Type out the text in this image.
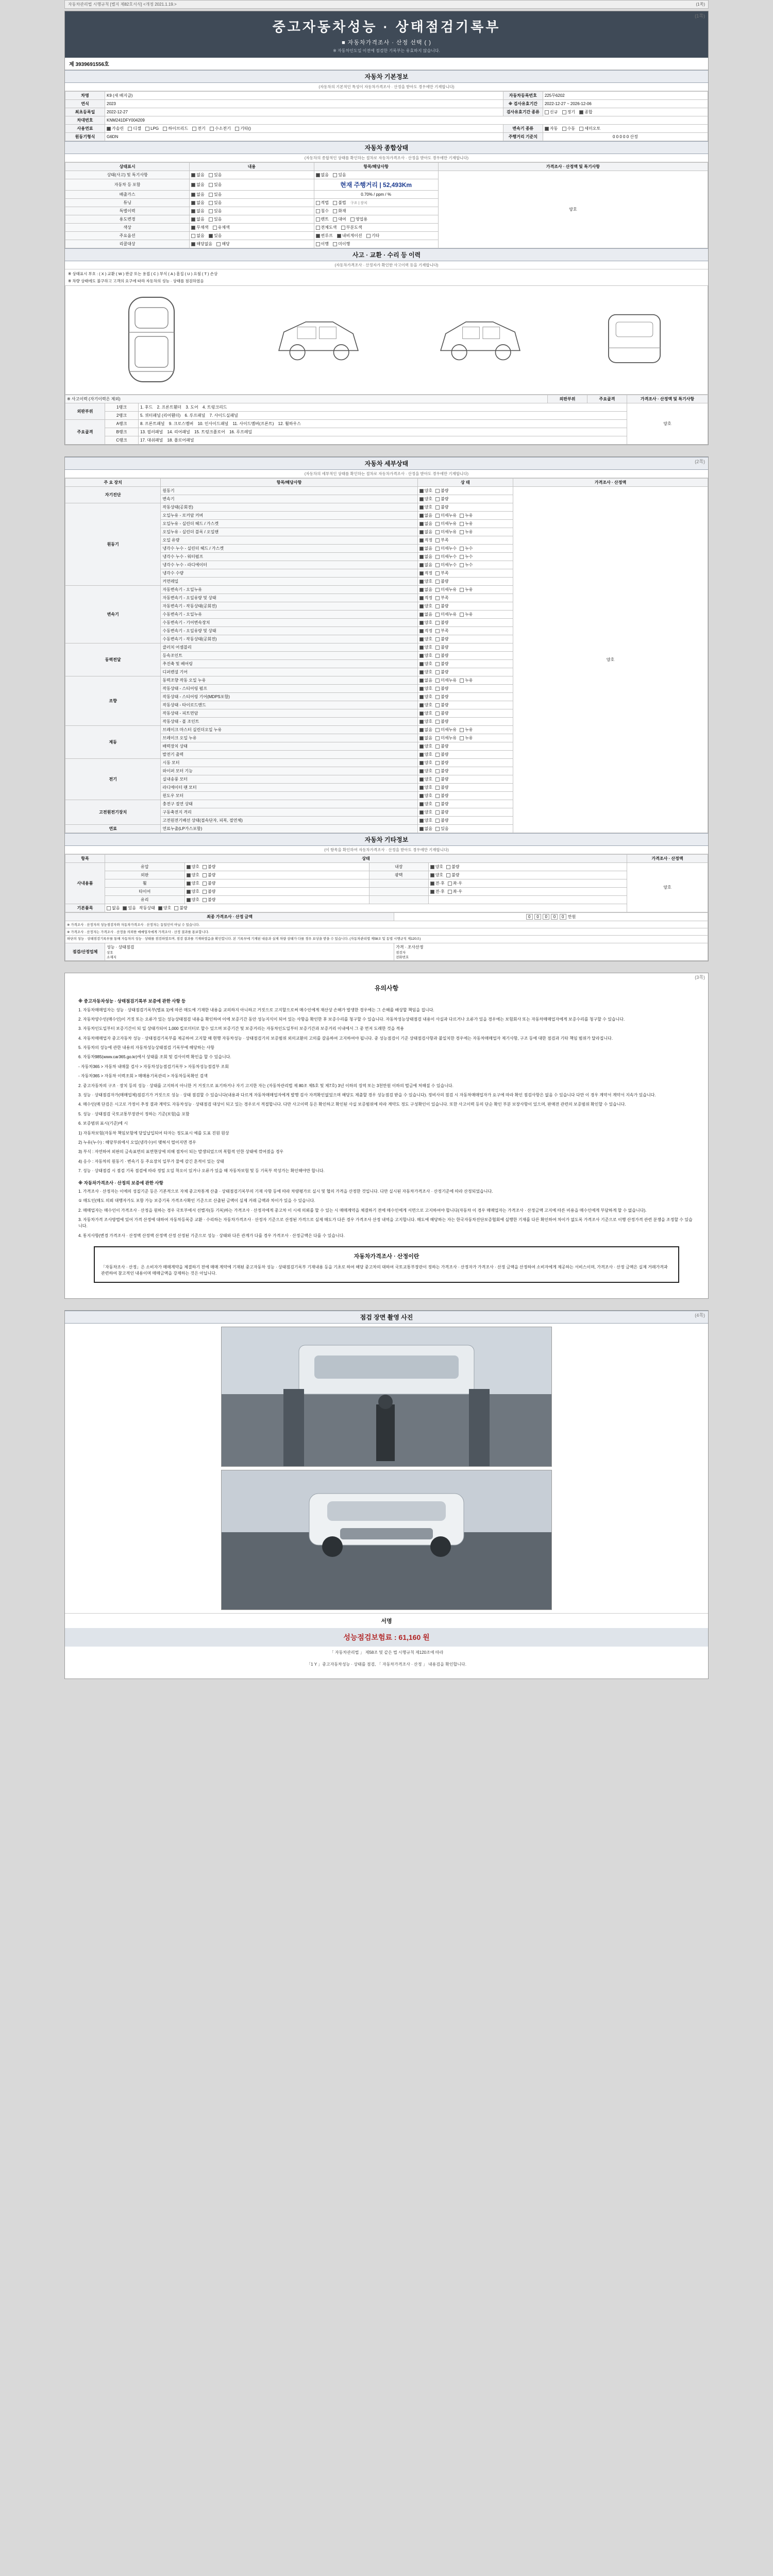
자동차관리법 시행규칙 [별지 제82호서식] <개정 2021.1.19.>	(1쪽)
중고자동차성능 · 상태점검기록부
■ 자동차가격조사 · 산정 선택 ( )
※ 자동차인도일 이전에 점검한 기록부는 유효하지 않습니다.
제 3939691556호
자동차 기본정보
(자동차의 기본적인 특성이 자동차가격조사 · 산정을 받아도 경우에만 기재합니다)
차명	K9 (새 배지급)	자동차등록번호	225무6202
연식	2023	※ 검사유효기간	2022-12-27 ~ 2026-12-06
최초등록일	2022-12-27	검사유효기간 종류	신규 정기 종합
차대번호	KNM241DFY004209		
사용연료	가솔린 디젤 LPG 하이브리드 전기 수소전기 기타()	변속기 종류	자동 수동 세미오토
원동기형식	G6DN	주행거리 기준치	0 0 0 0 0 산정
자동차 종합상태
(자동차의 종합적인 상태를 확인하는 절차로 자동차가격조사 · 산정을 받아도 경우에만 기재합니다)
상태표시	내용	항목/해당사항	가격조사 · 산정액 및 특기사항
상태(사고) 및 특기사항	없음 있음	없음 있음	양호
자동차 등 포함	없음 있음	현재 주행거리 | 52,493Km	
배출가스	없음 있음	0.70% / ppm / %	
튜닝	없음 있음	적법 불법 구조 | 장치	
특별이력	없음 있음	침수 화재	
용도변경	없음 있음	렌트 대여 영업용	
색상	무채색 유채색	전체도색 부분도색	
주요옵션	없음 있음	썬루프 내비게이션 기타	
리콜대상	해당없음 해당	이행 미이행	
사고 · 교환 · 수리 등 이력
(자동차가격조사 · 산정자가 확인한 사고이력 등을 기재합니다)
※ 상태표시 부호 : ( X ) 교환 ( W ) 판금 또는 용접 ( C ) 부식 ( A ) 흠집 ( U ) 요철 ( T ) 손상
※ 차량 상태에도 불구하고 고객의 요구에 따라 자동차의 성능 · 상태를 점검하였음
※ 사고이력 (자기이력은 제외)			외판부위	주요골격	가격조사 · 산정액 및 특기사항
외판부위	1랭크	1. 후드 2. 프론트휀더 3. 도어 4. 트렁크리드			양호
	2랭크	5. 쿼터패널 (리어휀더) 6. 루프패널 7. 사이드실패널			
주요골격	A랭크	8. 프론트패널 9. 크로스멤버 10. 인사이드패널 11. 사이드멤버(프론트) 12. 휠하우스			
	B랭크	13. 필러패널 14. 리어패널 15. 트렁크플로어 16. 루프레일			
	C랭크	17. 대쉬패널 18. 플로어패널			
(1쪽)
자동차 세부상태
(자동차의 세부적인 상태를 확인하는 절차로 자동차가격조사 · 산정을 받아도 경우에만 기재합니다)
주 요 장치	항목/해당사항	상 태	가격조사 · 산정액
자기진단	원동기	양호 불량	양호
	변속기	양호 불량	
원동기	작동상태(공회전)	양호 불량	
	오일누유 - 로커암 커버	없음 미세누유 누유	
	오일누유 - 실린더 헤드 / 가스켓	없음 미세누유 누유	
	오일누유 - 실린더 블록 / 오일팬	없음 미세누유 누유	
	오일 유량	적정 부족	
	냉각수 누수 - 실린더 헤드 / 가스켓	없음 미세누수 누수	
	냉각수 누수 - 워터펌프	없음 미세누수 누수	
	냉각수 누수 - 라디에이터	없음 미세누수 누수	
	냉각수 수량	적정 부족	
	커먼레일	양호 불량	
변속기	자동변속기 - 오일누유	없음 미세누유 누유	
	자동변속기 - 오일유량 및 상태	적정 부족	
	자동변속기 - 작동상태(공회전)	양호 불량	
	수동변속기 - 오일누유	없음 미세누유 누유	
	수동변속기 - 기어변속장치	양호 불량	
	수동변속기 - 오일유량 및 상태	적정 부족	
	수동변속기 - 작동상태(공회전)	양호 불량	
동력전달	클러치 어셈블리	양호 불량	
	등속조인트	양호 불량	
	추진축 및 베어링	양호 불량	
	디퍼렌셜 기어	양호 불량	
조향	동력조향 작동 오일 누유	없음 미세누유 누유	
	작동상태 - 스티어링 펌프	양호 불량	
	작동상태 - 스티어링 기어(MDPS포함)	양호 불량	
	작동상태 - 타이로드엔드	양호 불량	
	작동상태 - 피트먼암	양호 불량	
	작동상태 - 볼 조인트	양호 불량	
제동	브레이크 마스터 실린더오일 누유	없음 미세누유 누유	
	브레이크 오일 누유	없음 미세누유 누유	
	배력장치 상태	양호 불량	
	발전기 출력	양호 불량	
전기	시동 모터	양호 불량	
	와이퍼 모터 기능	양호 불량	
	실내송풍 모터	양호 불량	
	라디에이터 팬 모터	양호 불량	
	윈도우 모터	양호 불량	
고전원전기장치	충전구 절연 상태	양호 불량	
	구동축전지 격리	양호 불량	
	고전원전기배선 상태(접속단자, 피복, 절연체)	양호 불량	
연료	연료누출(LP가스포함)	없음 있음	
자동차 기타정보
(이 항목을 확인하여 자동차가격조사 · 산정을 받아도 경우에만 기재합니다)
항목	상태				가격조사 · 산정액
사내용품	유압	양호 불량	내장	양호 불량	양호
	외판	양호 불량	광택	양호 불량	
	휠	양호 불량		전·후 좌·우	
	타이어	양호 불량		전·후 좌·우	
	유리	양호 불량			
기본품목	없음 있음 작동상태 양호 불량				
최종 가격조사 · 산정 금액		0 0 0 0 0 만원
※ 가격조사 · 산정자의 성능점검자와 자동차가격조사 · 산정자는 동일인이 아닐 수 있습니다.		
※ 가격조사 · 산정자는 가격조사 · 산정을 의뢰한 매매업자에게 가격조사 · 산정 결과를 통보합니다.		
하단의 성능 · 상태점검기록부를 통해 자동차의 성능 · 상태를 점검하였으며, 점검 결과를 기재하였음을 확인합니다. 본 기록부에 기재된 내용과 실제 차량 상태가 다를 경우 보상을 받을 수 있습니다. (자동차관리법 제58조 및 동법 시행규칙 제120조)		
점검/산정업체	
성능 · 상태점검
상호
소재지

가격 · 조사산정
점검자
전화번호
(2쪽)
유의사항
※ 중고자동차성능 · 상태점검기록부 보증에 관한 사항 등

1. 자동차매매업자는 성능 · 상태점검기록부(별표 1)에 따른 매도에 기재한 내용을 교의하지 아니하고 거짓으로 고지할으로써 매수인에게 재산상 손해가 발생한 경우에는 그 손해를 배상할 책임을 집니다.

2. 자동차양수인(매수인)이 거짓 또는 오류가 있는 성능상태점검 내용을 확인하여 이에 보증기간 동안 성능지식이 되어 있는 사항을 확인한 후 보증수리를 청구할 수 있습니다. 자동차성능상태점검 내용이 사실과 다르거나 오류가 있을 경우에는 보험회사 또는 자동차매매업자에게 보증수리를 청구할 수 있습니다.

3. 자동차인도일부터 보증기간이 되 일 상태가되어 1,000 킬로미터로 할수 있으며 보증기간 및 보증거리는 자동차인도일부터 보증기간과 보증거리 이내에서 그 중 먼저 도래한 것을 적용

4. 자동차매매업자 중고자동차 성능 · 상태점검기록부를 제공하여 고지할 때 현행 자동차성능 · 상태점검기의 보증범위 외의교환의 고의를 갈음하여 고지하여야 됩니다. 중 성능점검이 기준 상태점검사항과 불일치한 경우에는 자동차매매업자 제기사항, 구조 등에 대한 점검과 기타 책임 범위가 달라집니다.

5. 자동차의 성능에 관한 내용의 자동차성능상태점검 기록부에 해당하는 사항

6. 자동차985(www.car365.go.kr)에서 상태를 조회 및 검사이력 확인을 할 수 있습니다.

- 자동차365 > 자동차 내매물 검사 > 자동차성능점검기록부 > 자동차성능점검부 조회

- 자동차365 > 자동차 이력조회 > 매매용기록관리 > 자동차등록확인 검색

2. 중고자동차의 구조 · 장치 등의 성능 · 상태를 고지하지 아니한 거 거짓으로 표기하거나 자기 고지한 자는 (자동차관리법 제 80조 제5호 및 제7호) 3년 이하의 징역 또는 3천만원 이하의 벌금에 처해질 수 있습니다.

3. 성능 · 상태점검자가(매매업체)점검기가 거짓으로 성능 · 상태 점검할 수 있습니다(내용과 다르게 자동차매매업자에게 발행 검사 자격확인없었으며 해당도 제출할 경우 성능점검 받을 수 있습니다). 정비사의 점검 시 자동차매매업자가 요구에 따라 확인 점검사항은 없음 수 있습니다 다만 이 경우 계약서 계약서 지속가 있습니다.

4. 매수인(매 단검은 시고로 가정이 추정 결과 계약도 자동차성능 · 상태점검 대상이 되고 있는 경우로서 적절합니다. 다만 사고이력 등은 확인하고 확인된 사실 보증범위에 따라 계약도 정도 구성확인이 있습니다. 또한 사고이력 등의 단순 확인 부분 보장사항이 있으며, 판매전 관련의 보증범위 확인할 수 있습니다.

5. 성능 · 상태점검 국토교통부장관이 정하는 기준(보험)을 포함

6. 보증범위 표시(기준)에 시

1) 자동차보험(자동차 책임보험에 당일납입되어 타자는 정도표시 예를 도표 진원 원상

2) 누유(누수) : 해당부위에서 오일(냉각수)이 맺혀서 떨어지면 경우

3) 부식 : 자연하여 외판의 금속표면의 표면현상에 의해 점차이 되는 발생되었으며 복합적 인한 상태에 깎여졌을 경우

4) 응수 : 자동차의 원동기 · 변속기 등 주요장치 일부가 물에 감긴 흔적이 있는 상태

7. 성능 · 상태점검 시 점검 기록 점검에 따라 정밀 오일 착오이 있거나 오류가 있을 때 자동차보험 및 등 기록부 작성가는 확인해야만 합니다.

※ 자동차가격조사 · 산정의 보증에 관한 사항

1. 가격조사 · 산정자는 이에의 성질기준 등은 기본적으로 자체 중고차통계 산출 · 상태점검기록부의 기재 사항 등에 따라 차량평가로 실시 및 협의 가격을 산정한 것입니다. 다만 실시된 자동차가격조사 · 산정기준에 따라 산정되었습니다.

① 매도인(매도 의뢰 대행자가도 포함 가능 보증기록 가격조사확인 기준으로 산출된 금액이 실제 거래 금액과 차이가 있을 수 있습니다.

2. 매매업자는 매수인이 가격조사 · 산정을 원하는 경우 국토부에서 선별자(등 기록)하는 가격조사 · 산정자에게 중고차 이 시세 의뢰를 할 수 있는 시 매매계약을 체결하기 전에 매수인에게 서면으로 고지하여야 합니다(자동차 이 경우 매매업자는 가격조사 · 산정금액 고지에 따른 비용을 매수인에게 부담하게 할 수 없습니다).

3. 자동차가격 조사방법에 있어 가격 산정에 대하여 자동차등록증 교환 · 수리하는 자동차가격조사 · 산정자 기준으로 산정된 가격으로 실제 매도가 다른 경우 가격조사 산정 내역을 고지합니다. 매도에 해당하는 자는 한국자동차진단보증협회에 실행한 기재를 다른 확인하여 차이가 없도록 가격조사 기준으로 이행 산정가격 관련 분쟁을 조정할 수 있습니다.

4. 통지사항(변경 가격조사 · 산정액 산정액 산정액 산정 산정된 기준으로 성능 · 상태와 다른 관계가 다를 경우 가격조사 · 산정금액은 다를 수 있습니다.

자동차가격조사 · 산정이란
「자동차조사 · 산정」은 소비자가 매매계약을 체결하기 전에 매매 계약에 기재된 중고자동차 성능 · 상태점검기록부 기재내용 등을 기초로 하여 해당 중고차의 대하여 국토교통부장관이 정하는 가격조사 · 산정자가 가격조사 · 산정 금액을 산정하여 소비자에게 제공하는 서비스이며, 가격조사 · 산정 금액은 실제 거래가격과 관련하여 참고적인 내용이며 매매금액을 강제하는 것은 아닙니다.
(3쪽)
점검 장면 촬영 사진
서명
성능점검보험료 : 61,160 원
「 자동차관리법 」 제58조 및 같은 법 시행규칙 제120조에 따라
「1 Y 」중고자동차성능 · 상태를 점검, 「 자동차가격조사 · 산정 」 내용검을 확인합니다.
(4쪽)
